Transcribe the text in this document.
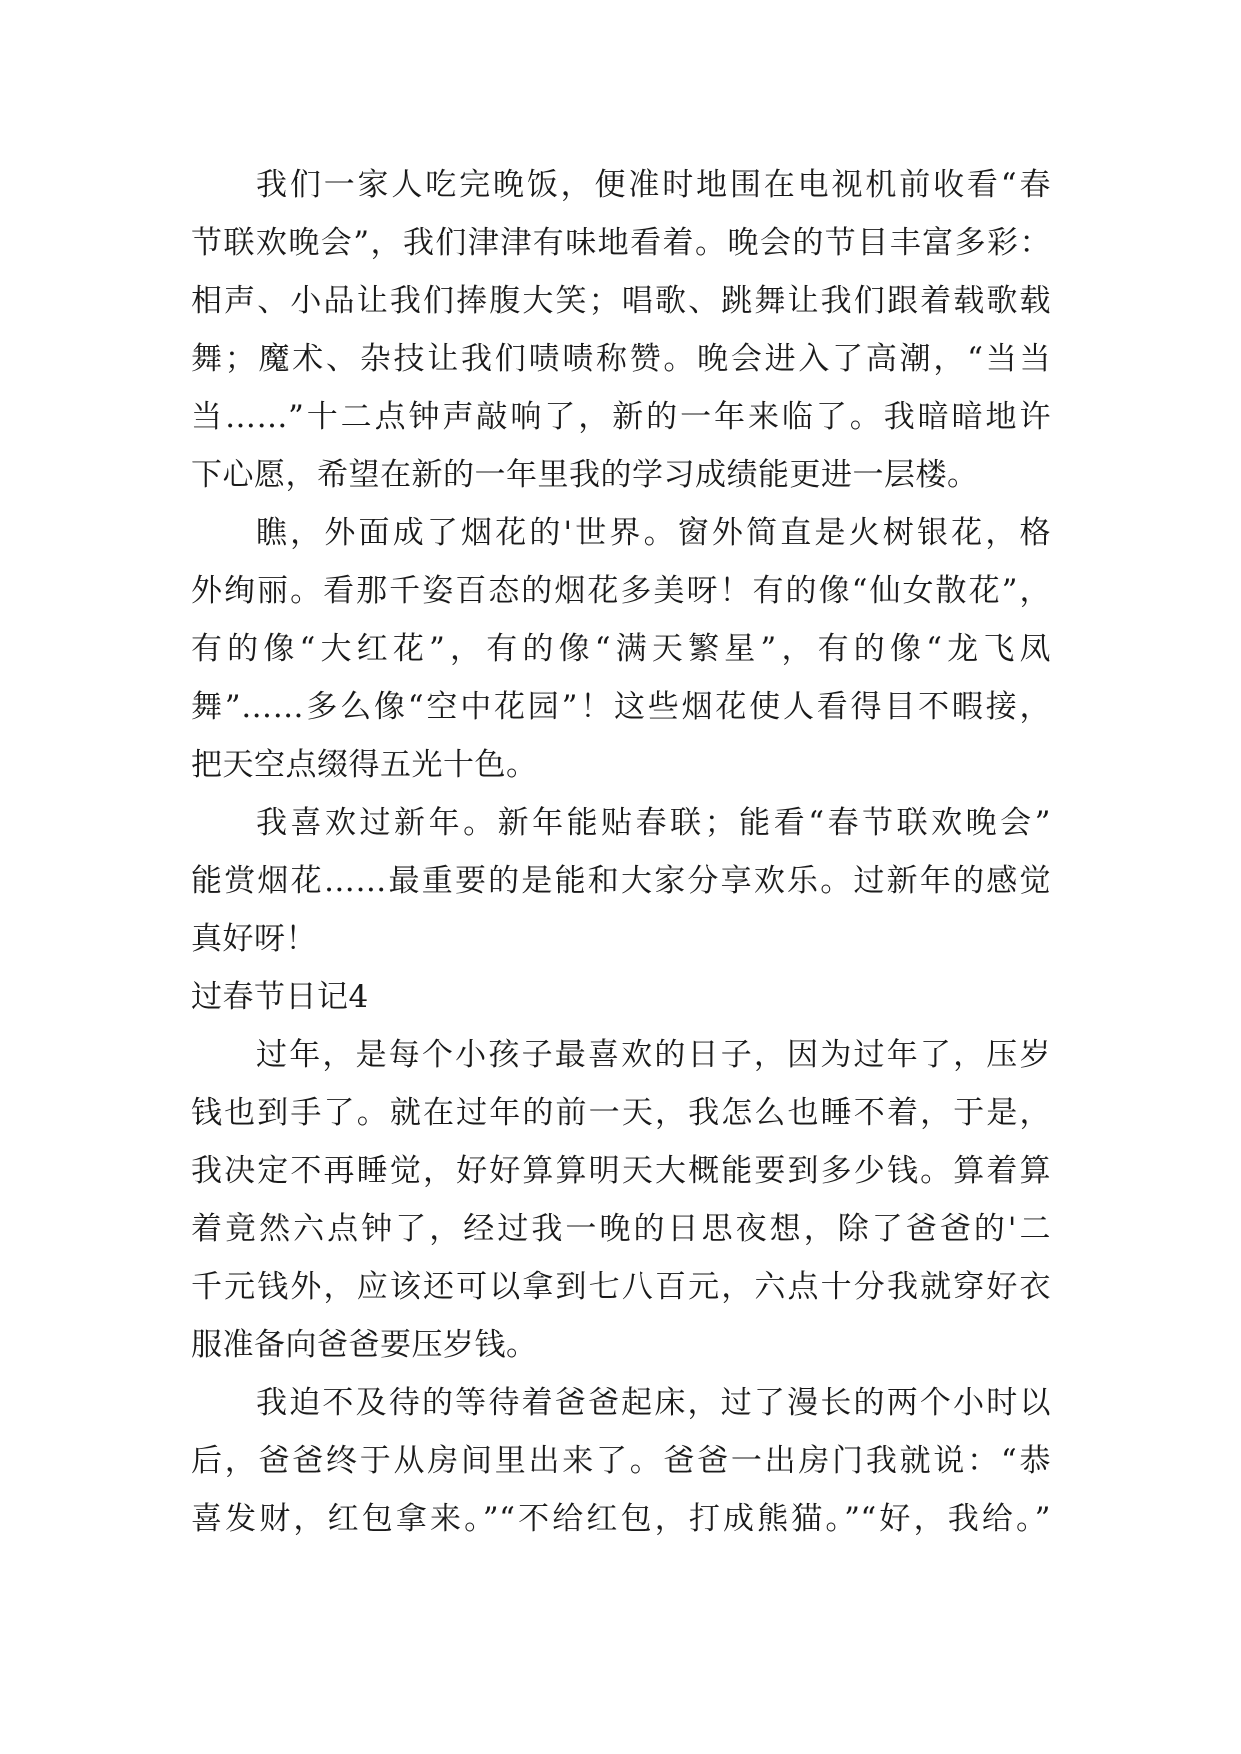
我们一家人吃完晚饭，便准时地围在电视机前收看“春
节联欢晚会”，我们津津有味地看着。晚会的节目丰富多彩：
相声、小品让我们捧腹大笑；唱歌、跳舞让我们跟着载歌载
舞；魔术、杂技让我们啧啧称赞。晚会进入了高潮，“当当
当……”十二点钟声敲响了，新的一年来临了。我暗暗地许
下心愿，希望在新的一年里我的学习成绩能更进一层楼。
瞧，外面成了烟花的'世界。窗外简直是火树银花，格
外绚丽。看那千姿百态的烟花多美呀！有的像“仙女散花”，
有的像“大红花”，有的像“满天繁星”，有的像“龙飞凤
舞”……多么像“空中花园”！这些烟花使人看得目不暇接，
把天空点缀得五光十色。
我喜欢过新年。新年能贴春联；能看“春节联欢晚会”
能赏烟花……最重要的是能和大家分享欢乐。过新年的感觉
真好呀！
过春节日记4
过年，是每个小孩子最喜欢的日子，因为过年了，压岁
钱也到手了。就在过年的前一天，我怎么也睡不着，于是，
我决定不再睡觉，好好算算明天大概能要到多少钱。算着算
着竟然六点钟了，经过我一晚的日思夜想，除了爸爸的'二
千元钱外，应该还可以拿到七八百元，六点十分我就穿好衣
服准备向爸爸要压岁钱。
我迫不及待的等待着爸爸起床，过了漫长的两个小时以
后，爸爸终于从房间里出来了。爸爸一出房门我就说：“恭
喜发财，红包拿来。”“不给红包，打成熊猫。”“好，我给。”
